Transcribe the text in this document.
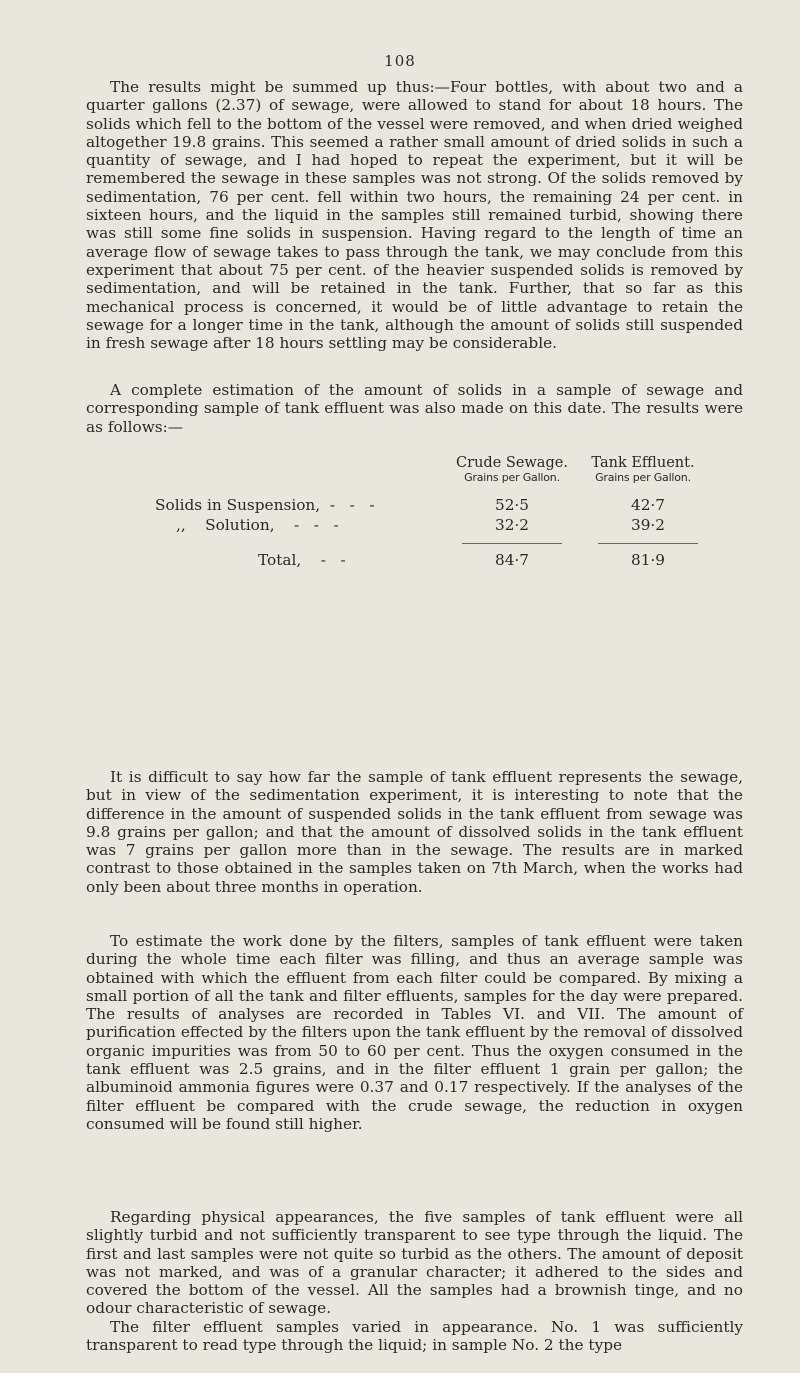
108

The results might be summed up thus:—Four bottles, with about two and a quarter gallons (2.37) of sewage, were allowed to stand for about 18 hours. The solids which fell to the bottom of the vessel were removed, and when dried weighed altogether 19.8 grains. This seemed a rather small amount of dried solids in such a quantity of sewage, and I had hoped to repeat the experiment, but it will be remembered the sewage in these samples was not strong. Of the solids removed by sedimentation, 76 per cent. fell within two hours, the remaining 24 per cent. in sixteen hours, and the liquid in the samples still remained turbid, showing there was still some fine solids in suspension. Having regard to the length of time an average flow of sewage takes to pass through the tank, we may conclude from this experiment that about 75 per cent. of the heavier suspended solids is removed by sedimentation, and will be retained in the tank. Further, that so far as this mechanical process is concerned, it would be of little advantage to retain the sewage for a longer time in the tank, although the amount of solids still suspended in fresh sewage after 18 hours settling may be considerable.

A complete estimation of the amount of solids in a sample of sewage and corresponding sample of tank effluent was also made on this date. The results were as follows:—

Crude Sewage.
Grains per Gallon.
Tank Effluent.
Grains per Gallon.
Solids in Suspension,  -   -   -	52·5	42·7
,,    Solution,    -   -   -	32·2	39·2
Total,    -   -	84·7	81·9

It is difficult to say how far the sample of tank effluent represents the sewage, but in view of the sedimentation experiment, it is interesting to note that the difference in the amount of suspended solids in the tank effluent from sewage was 9.8 grains per gallon; and that the amount of dissolved solids in the tank effluent was 7 grains per gallon more than in the sewage. The results are in marked contrast to those obtained in the samples taken on 7th March, when the works had only been about three months in operation.

To estimate the work done by the filters, samples of tank effluent were taken during the whole time each filter was filling, and thus an average sample was obtained with which the effluent from each filter could be compared. By mixing a small portion of all the tank and filter effluents, samples for the day were prepared. The results of analyses are recorded in Tables VI. and VII. The amount of purification effected by the filters upon the tank effluent by the removal of dissolved organic impurities was from 50 to 60 per cent. Thus the oxygen consumed in the tank effluent was 2.5 grains, and in the filter effluent 1 grain per gallon; the albuminoid ammonia figures were 0.37 and 0.17 respectively. If the analyses of the filter effluent be compared with the crude sewage, the reduction in oxygen consumed will be found still higher.

Regarding physical appearances, the five samples of tank effluent were all slightly turbid and not sufficiently transparent to see type through the liquid. The first and last samples were not quite so turbid as the others. The amount of deposit was not marked, and was of a granular character; it adhered to the sides and covered the bottom of the vessel. All the samples had a brownish tinge, and no odour characteristic of sewage.

The filter effluent samples varied in appearance. No. 1 was sufficiently transparent to read type through the liquid; in sample No. 2 the type
